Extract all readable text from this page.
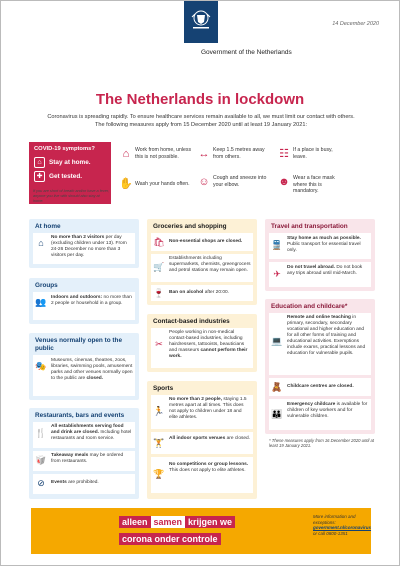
Government of the Netherlands
14 December 2020
The Netherlands in lockdown
Coronavirus is spreading rapidly. To ensure healthcare services remain available to all, we must limit our contact with others.
The following measures apply from 15 December 2020 until at least 19 January 2021:
COVID-19 symptoms?
⌂	Stay at home.
✚	Get tested.
If you are short of breath and/or have a fever, anyone you live with should also stay at home.
⌂	Work from home, unless this is not possible.	↔ Keep 1.5 metres away from others.	☷ If a place is busy, leave.
✋ Wash your hands often. ☺ Cough and sneeze into your elbow.	☻ Wear a face mask where this is mandatory.
At home
⌂
No more than 2 visitors per day (excluding children under 13). From 24-26 December no more than 3 visitors per day.
Groups
👥 Indoors and outdoors: no more than 2 people or household in a group.
Venues normally open to the public
🎭
Museums, cinemas, theatres, zoos, libraries, swimming pools, amusement parks and other venues normally open to the public are closed.
Restaurants, bars and events
🍴
All establishments serving food and drink are closed. Including hotel restaurants and room service.
🥡 Takeaway meals may be ordered from restaurants.
⊘	Events are prohibited.
Groceries and shopping
🛍 Non-essential shops are closed.
🛒
Establishments including supermarkets, chemists, greengrocers and petrol stations may remain open.
🍷 Ban on alcohol after 20:00.
Contact-based industries
✂
People working in non-medical contact-based industries, including hairdressers, tattooists, beauticians and masseurs cannot perform their work.
Sports
🏃
No more than 2 people, staying 1.5 metres apart at all times. This does not apply to children under 18 and elite athletes.
🏋 All indoor sports venues are closed.
🏆
No competitions or group lessons. This does not apply to elite athletes.
Travel and transportation
🚆
Stay home as much as possible. Public transport for essential travel only.
✈
Do not travel abroad. Do not book any trips abroad until mid-March.
Education and childcare*
💻
Remote and online teaching in primary, secondary, secondary vocational and higher education and for all other forms of training and educational activities. Exemptions include exams, practical lessons and education for vulnerable pupils.
🧸 Childcare centres are closed.
👪
Emergency childcare is available for children of key workers and for vulnerable children.
* These measures apply from 16 December 2020 until at least 19 January 2021.
alleen samen krijgen we
corona onder controle
More information and exceptions:
government.nl/coronavirus
or call 0800-1351
